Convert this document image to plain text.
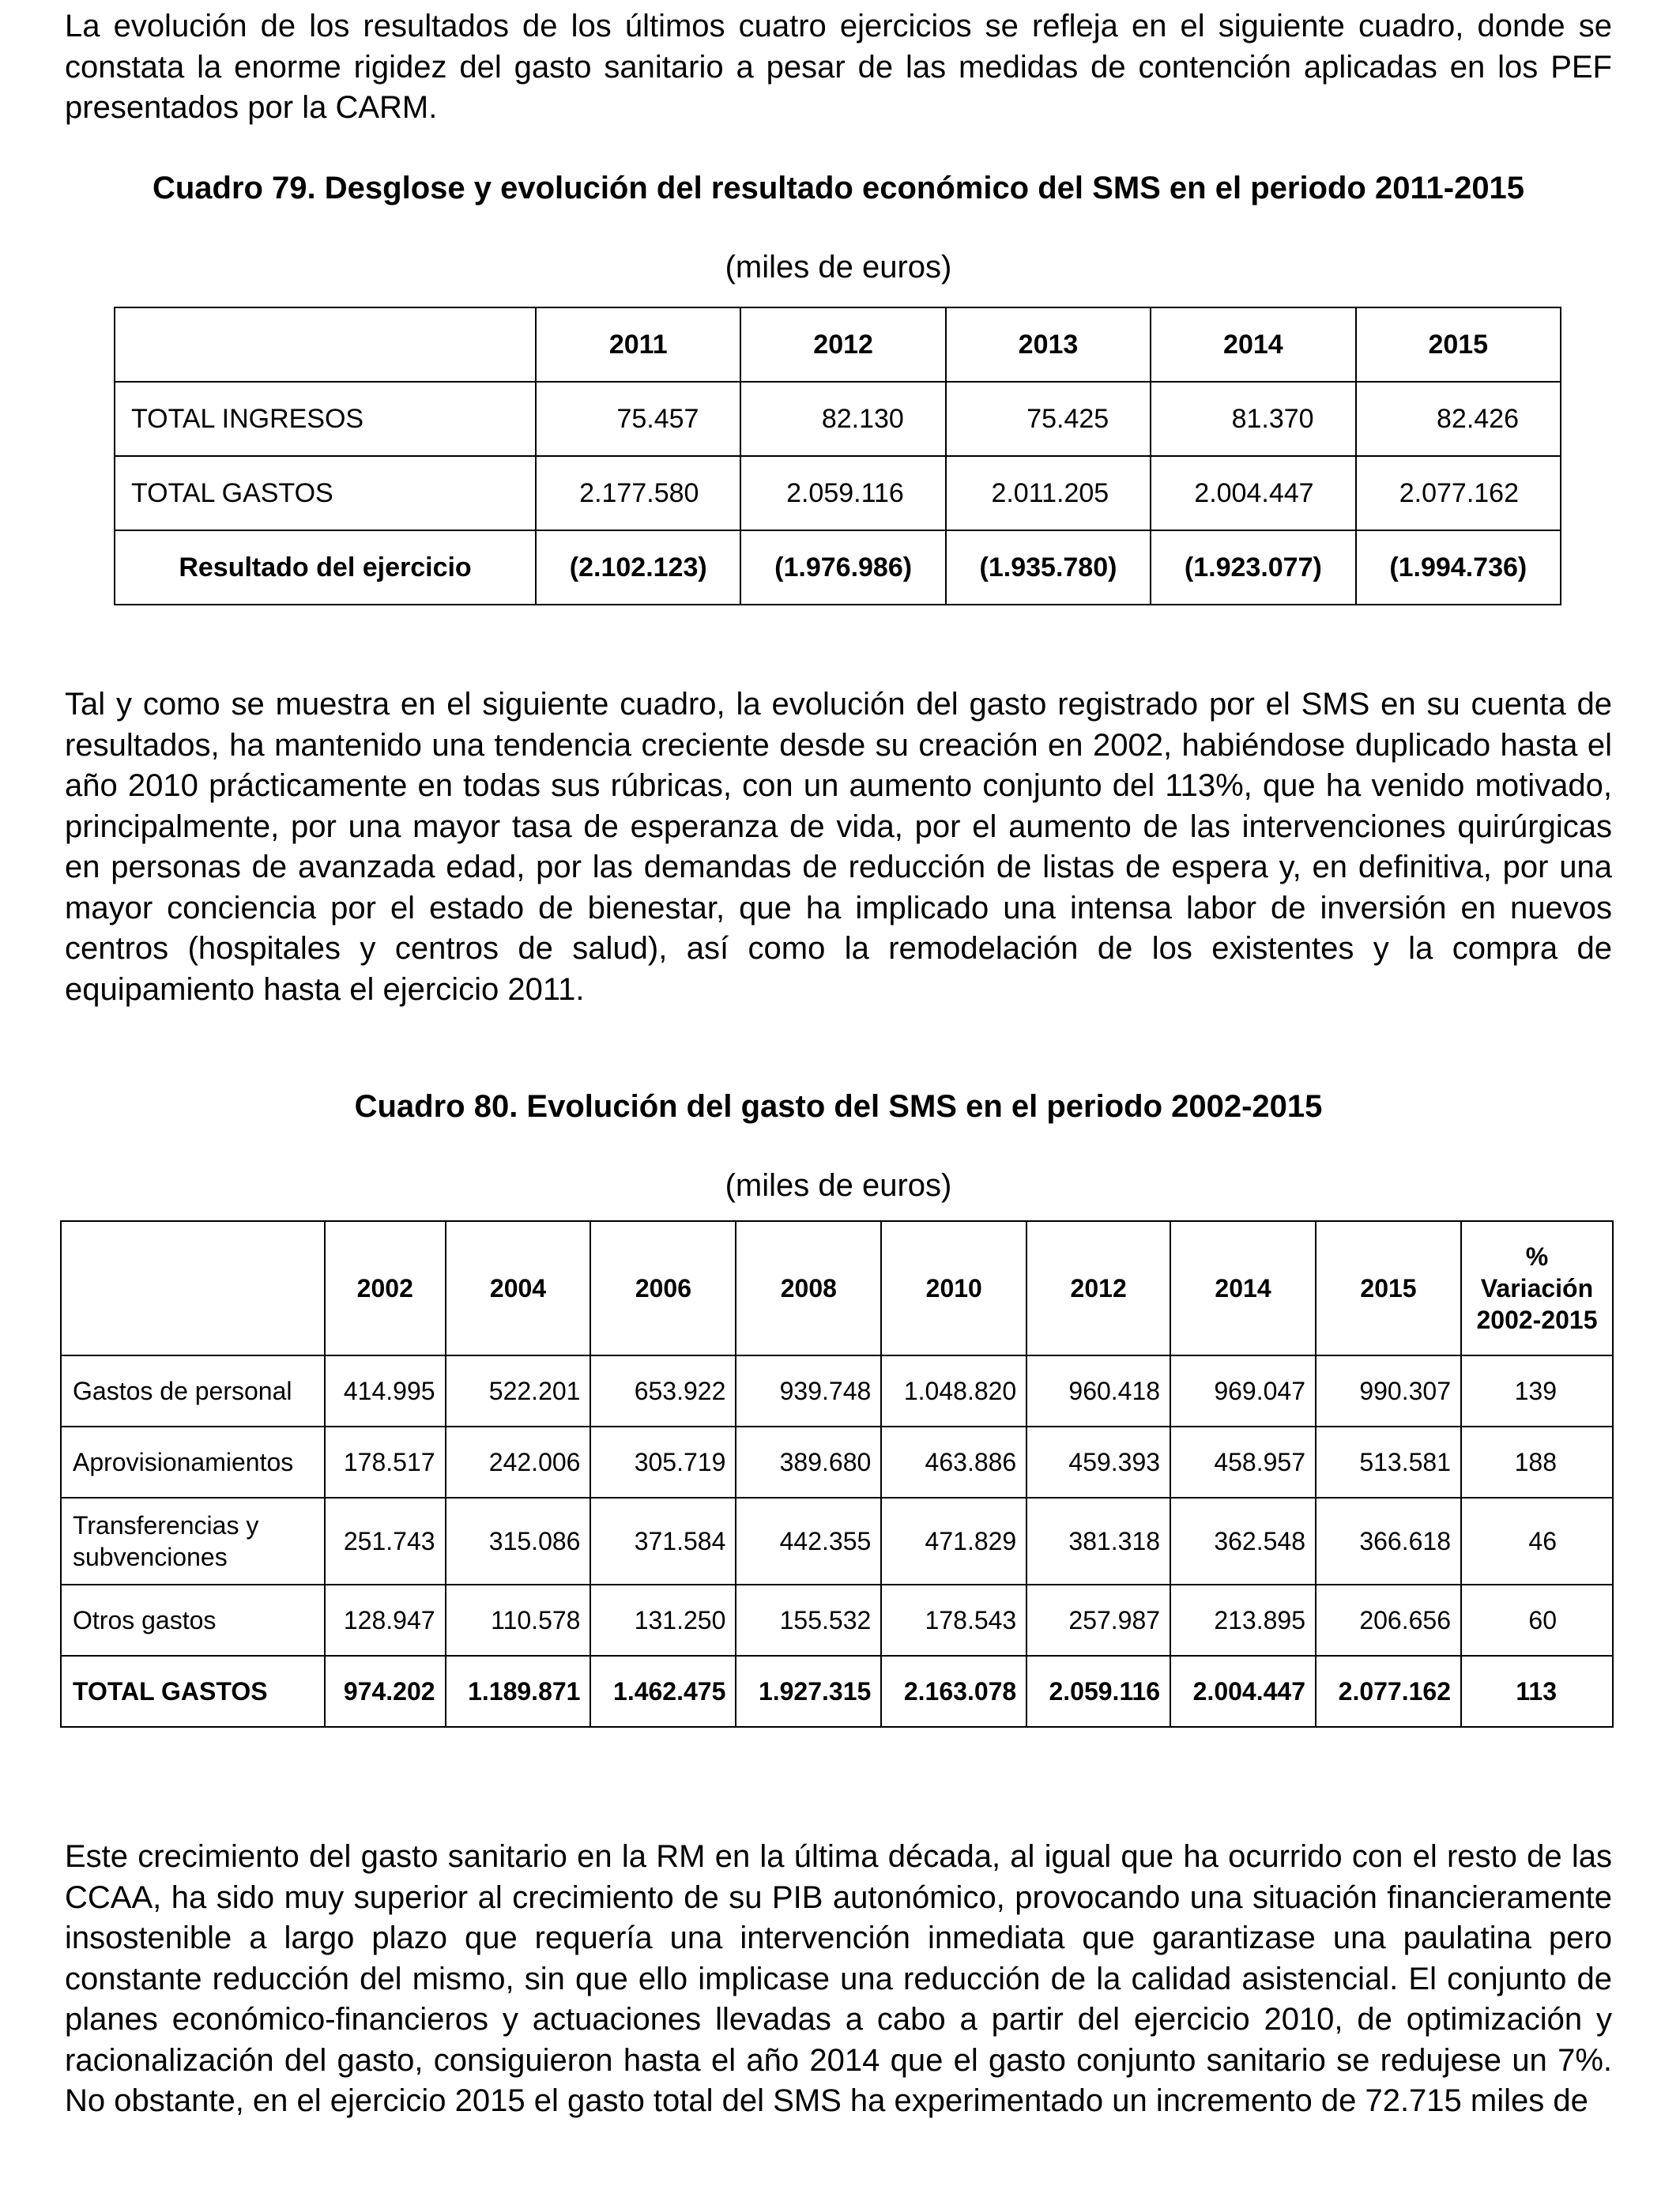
La evolución de los resultados de los últimos cuatro ejercicios se refleja en el siguiente cuadro, donde se constata la enorme rigidez del gasto sanitario a pesar de las medidas de contención aplicadas en los PEF presentados por la CARM.

Cuadro 79. Desglose y evolución del resultado económico del SMS en el periodo 2011-2015

(miles de euros)

	2011	2012	2013	2014	2015
TOTAL INGRESOS	75.457	82.130	75.425	81.370	82.426
TOTAL GASTOS	2.177.580	2.059.116	2.011.205	2.004.447	2.077.162
Resultado del ejercicio	(2.102.123)	(1.976.986)	(1.935.780)	(1.923.077)	(1.994.736)

Tal y como se muestra en el siguiente cuadro, la evolución del gasto registrado por el SMS en su cuenta de resultados, ha mantenido una tendencia creciente desde su creación en 2002, habiéndose duplicado hasta el año 2010 prácticamente en todas sus rúbricas, con un aumento conjunto del 113%, que ha venido motivado, principalmente, por una mayor tasa de esperanza de vida, por el aumento de las intervenciones quirúrgicas en personas de avanzada edad, por las demandas de reducción de listas de espera y, en definitiva, por una mayor conciencia por el estado de bienestar, que ha implicado una intensa labor de inversión en nuevos centros (hospitales y centros de salud), así como la remodelación de los existentes y la compra de equipamiento hasta el ejercicio 2011.

Cuadro 80. Evolución del gasto del SMS en el periodo 2002-2015

(miles de euros)

	2002	2004	2006	2008	2010	2012	2014	2015	%
Variación
2002-2015
Gastos de personal	414.995	522.201	653.922	939.748	1.048.820	960.418	969.047	990.307	139
Aprovisionamientos	178.517	242.006	305.719	389.680	463.886	459.393	458.957	513.581	188
Transferencias y subvenciones	251.743	315.086	371.584	442.355	471.829	381.318	362.548	366.618	46
Otros gastos	128.947	110.578	131.250	155.532	178.543	257.987	213.895	206.656	60
TOTAL GASTOS	974.202	1.189.871	1.462.475	1.927.315	2.163.078	2.059.116	2.004.447	2.077.162	113

Este crecimiento del gasto sanitario en la RM en la última década, al igual que ha ocurrido con el resto de las CCAA, ha sido muy superior al crecimiento de su PIB autonómico, provocando una situación financieramente insostenible a largo plazo que requería una intervención inmediata que garantizase una paulatina pero constante reducción del mismo, sin que ello implicase una reducción de la calidad asistencial. El conjunto de planes económico-financieros y actuaciones llevadas a cabo a partir del ejercicio 2010, de optimización y racionalización del gasto, consiguieron hasta el año 2014 que el gasto conjunto sanitario se redujese un 7%. No obstante, en el ejercicio 2015 el gasto total del SMS ha experimentado un incremento de 72.715 miles de
